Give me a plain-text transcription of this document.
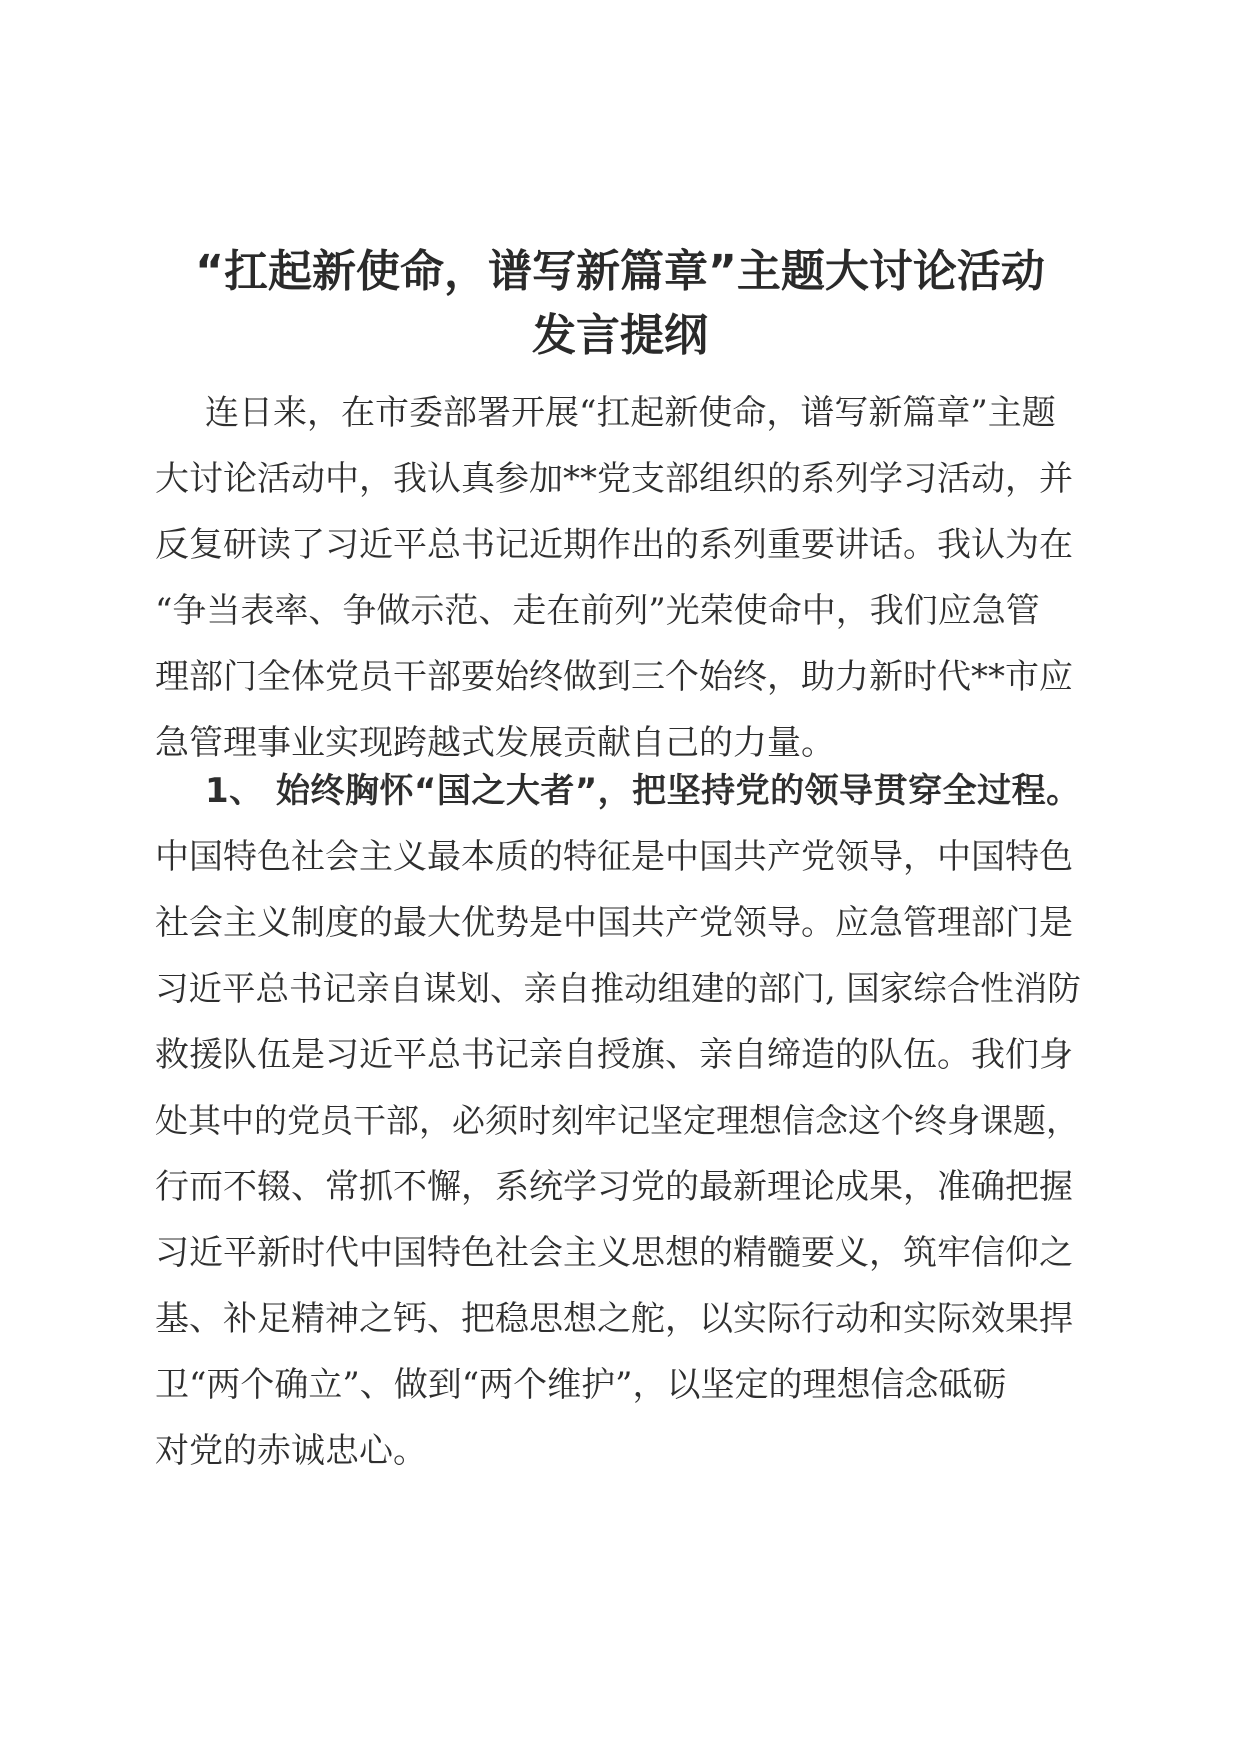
“扛起新使命，谱写新篇章”主题大讨论活动
发言提纲
连日来，在市委部署开展“扛起新使命，谱写新篇章”主题
大讨论活动中，我认真参加**党支部组织的系列学习活动，并
反复研读了习近平总书记近期作出的系列重要讲话。我认为在
“争当表率、争做示范、走在前列”光荣使命中，我们应急管
理部门全体党员干部要始终做到三个始终，助力新时代**市应
急管理事业实现跨越式发展贡献自己的力量。
1、 始终胸怀“国之大者”，把坚持党的领导贯穿全过程。
中国特色社会主义最本质的特征是中国共产党领导，中国特色
社会主义制度的最大优势是中国共产党领导。应急管理部门是
习近平总书记亲自谋划、亲自推动组建的部门, 国家综合性消防
救援队伍是习近平总书记亲自授旗、亲自缔造的队伍。我们身
处其中的党员干部，必须时刻牢记坚定理想信念这个终身课题，
行而不辍、常抓不懈，系统学习党的最新理论成果，准确把握
习近平新时代中国特色社会主义思想的精髓要义，筑牢信仰之
基、补足精神之钙、把稳思想之舵，以实际行动和实际效果捍
卫“两个确立”、做到“两个维护”，以坚定的理想信念砥砺
对党的赤诚忠心。
